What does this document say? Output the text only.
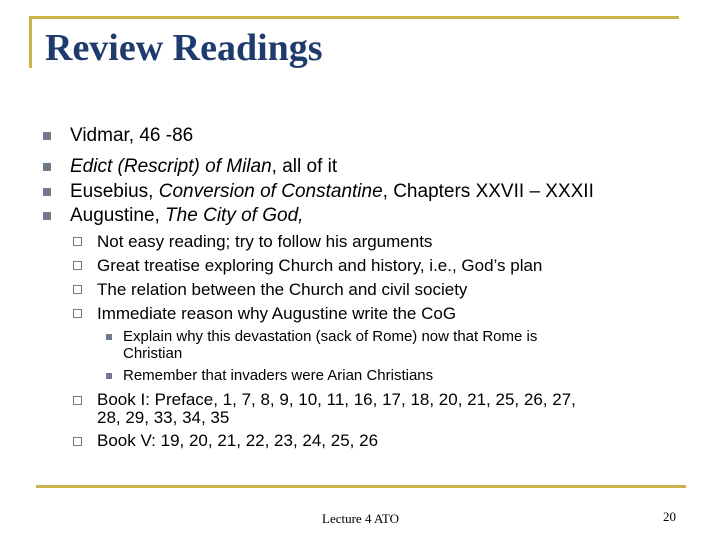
Review Readings
Vidmar, 46 -86
Edict (Rescript) of Milan, all of it
Eusebius, Conversion of Constantine, Chapters XXVII – XXXII
Augustine, The City of God,
Not easy reading; try to follow his arguments
Great treatise exploring Church and history, i.e., God’s plan
The relation between the Church and civil society
Immediate reason why Augustine write the CoG
Explain why this devastation (sack of Rome) now that Rome is
Christian
Remember that invaders were Arian Christians
Book I: Preface, 1, 7, 8, 9, 10, 11, 16, 17, 18, 20, 21, 25, 26, 27,
28, 29, 33, 34, 35
Book V: 19, 20, 21, 22, 23, 24, 25, 26
Lecture 4 ATO	20
